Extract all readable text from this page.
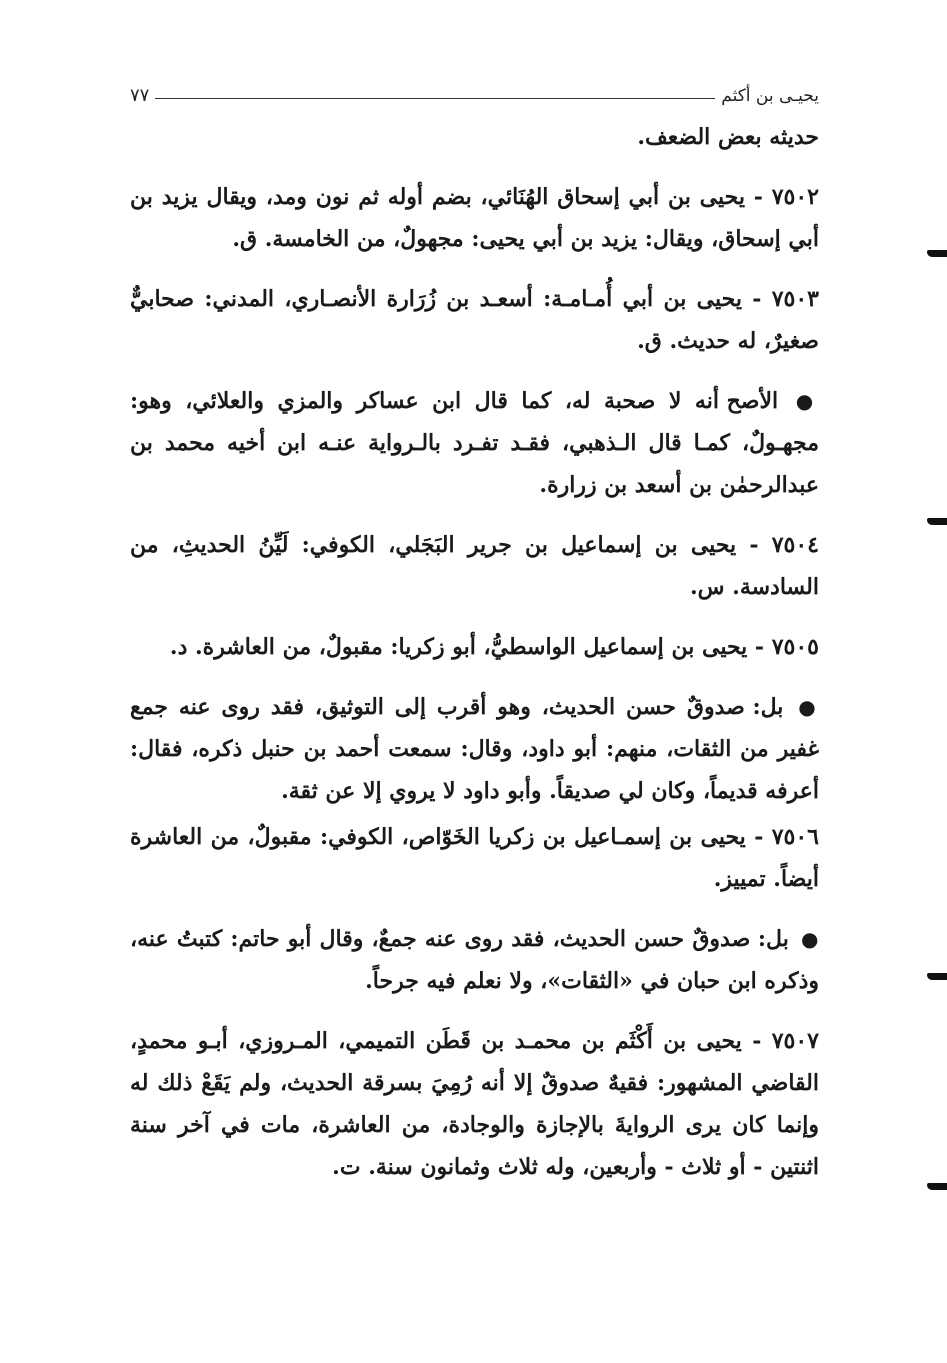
يحيـى بن أكثم
٧٧

حديثه بعض الضعف.

٧٥٠٢ - يحيى بن أبي إسحاق الهُنَائي، بضم أوله ثم نون ومد، ويقال يزيد بن أبي إسحاق، ويقال: يزيد بن أبي يحيى: مجهولٌ، من الخامسة. ق.

٧٥٠٣ - يحيى بن أبي أُمـامـة: أسعـد بن زُرَارة الأنصـاري، المدني: صحابيٌّ صغيرٌ، له حديث. ق.

● الأصح أنه لا صحبة له، كما قال ابن عساكر والمزي والعلائي، وهو: مجهـولٌ، كمـا قال الـذهبي، فقـد تفـرد بالـرواية عنـه ابن أخيه محمد بن عبدالرحمٰن بن أسعد بن زرارة.

٧٥٠٤ - يحيى بن إسماعيل بن جرير البَجَلي، الكوفي: لَيِّنُ الحديثِ، من السادسة. س.

٧٥٠٥ - يحيى بن إسماعيل الواسطيُّ، أبو زكريا: مقبولٌ، من العاشرة. د.

● بل: صدوقٌ حسن الحديث، وهو أقرب إلى التوثيق، فقد روى عنه جمع غفير من الثقات، منهم: أبو داود، وقال: سمعت أحمد بن حنبل ذكره، فقال: أعرفه قديماً، وكان لي صديقاً. وأبو داود لا يروي إلا عن ثقة.

٧٥٠٦ - يحيى بن إسمـاعيل بن زكريا الخَوّاص، الكوفي: مقبولٌ، من العاشرة أيضاً. تمييز.

● بل: صدوقٌ حسن الحديث، فقد روى عنه جمعٌ، وقال أبو حاتم: كتبتُ عنه، وذكره ابن حبان في «الثقات»، ولا نعلم فيه جرحاً.

٧٥٠٧ - يحيى بن أَكْثَم بن محمـد بن قَطَن التميمي، المـروزي، أبـو محمدٍ، القاضي المشهور: فقيهٌ صدوقٌ إلا أنه رُمِيَ بسرقة الحديث، ولم يَقَعْ ذلك له وإنما كان يرى الروايةَ بالإجازة والوجادة، من العاشرة، مات في آخر سنة اثنتين - أو ثلاث - وأربعين، وله ثلاث وثمانون سنة. ت.
